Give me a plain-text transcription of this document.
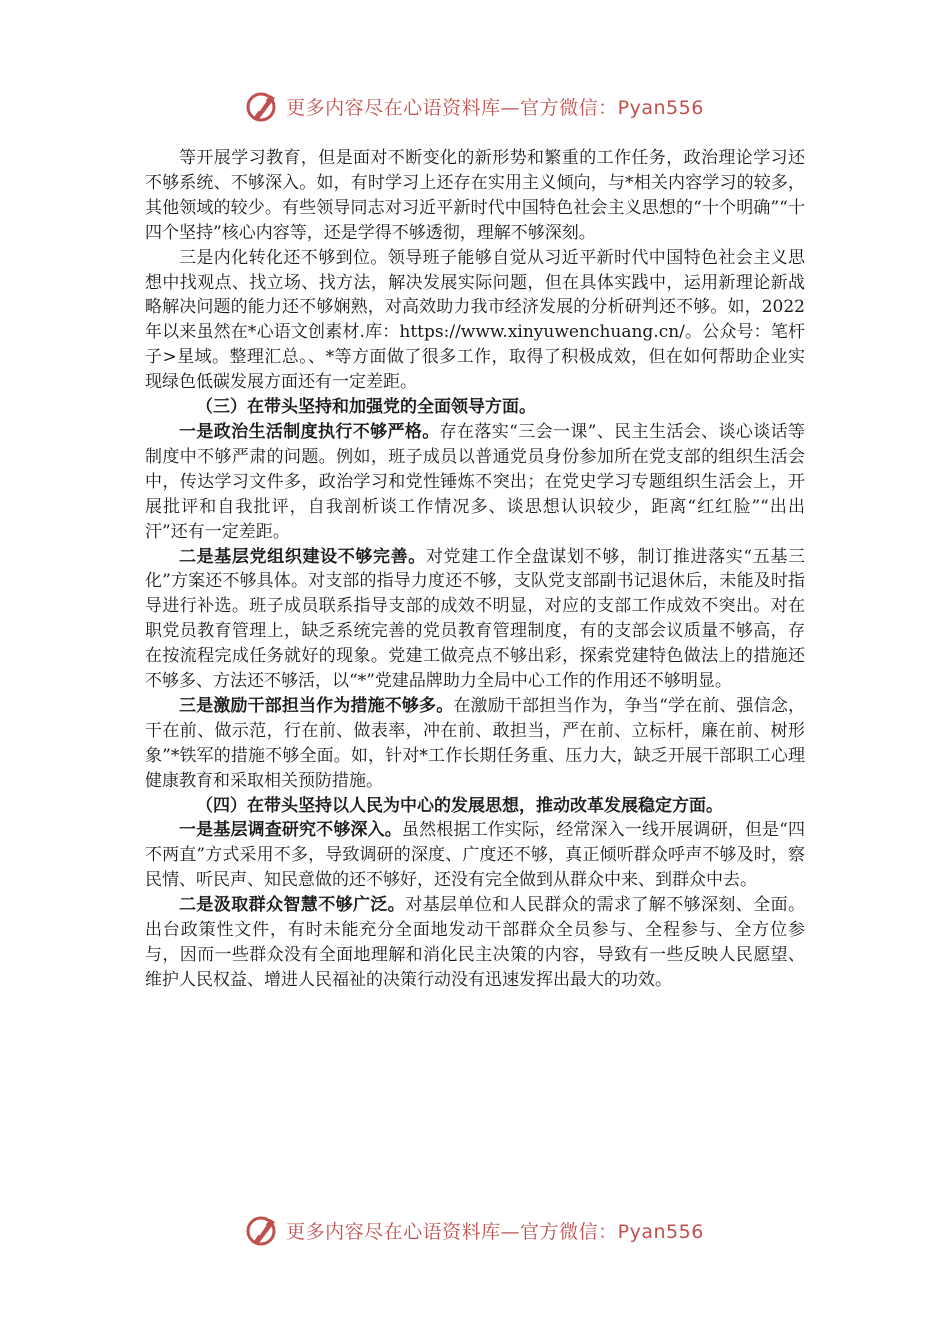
更多内容尽在心语资料库—官方微信：Pyan556

等开展学习教育，但是面对不断变化的新形势和繁重的工作任务，政治理论学习还不够系统、不够深入。如，有时学习上还存在实用主义倾向，与*相关内容学习的较多，其他领域的较少。有些领导同志对习近平新时代中国特色社会主义思想的“十个明确”“十四个坚持”核心内容等，还是学得不够透彻，理解不够深刻。

三是内化转化还不够到位。领导班子能够自觉从习近平新时代中国特色社会主义思想中找观点、找立场、找方法，解决发展实际问题，但在具体实践中，运用新理论新战略解决问题的能力还不够娴熟，对高效助力我市经济发展的分析研判还不够。如，2022年以来虽然在*心语文创素材.库：https://www.xinyuwenchuang.cn/。公众号：笔杆子>星域。整理汇总。、*等方面做了很多工作，取得了积极成效，但在如何帮助企业实现绿色低碳发展方面还有一定差距。

（三）在带头坚持和加强党的全面领导方面。

一是政治生活制度执行不够严格。存在落实“三会一课”、民主生活会、谈心谈话等制度中不够严肃的问题。例如，班子成员以普通党员身份参加所在党支部的组织生活会中，传达学习文件多，政治学习和党性锤炼不突出；在党史学习专题组织生活会上，开展批评和自我批评，自我剖析谈工作情况多、谈思想认识较少，距离“红红脸”“出出汗”还有一定差距。

二是基层党组织建设不够完善。对党建工作全盘谋划不够，制订推进落实“五基三化”方案还不够具体。对支部的指导力度还不够，支队党支部副书记退休后，未能及时指导进行补选。班子成员联系指导支部的成效不明显，对应的支部工作成效不突出。对在职党员教育管理上，缺乏系统完善的党员教育管理制度，有的支部会议质量不够高，存在按流程完成任务就好的现象。党建工做亮点不够出彩，探索党建特色做法上的措施还不够多、方法还不够活，以“*”党建品牌助力全局中心工作的作用还不够明显。

三是激励干部担当作为措施不够多。在激励干部担当作为，争当“学在前、强信念，干在前、做示范，行在前、做表率，冲在前、敢担当，严在前、立标杆，廉在前、树形象”*铁军的措施不够全面。如，针对*工作长期任务重、压力大，缺乏开展干部职工心理健康教育和采取相关预防措施。

（四）在带头坚持以人民为中心的发展思想，推动改革发展稳定方面。

一是基层调查研究不够深入。虽然根据工作实际，经常深入一线开展调研，但是“四不两直”方式采用不多，导致调研的深度、广度还不够，真正倾听群众呼声不够及时，察民情、听民声、知民意做的还不够好，还没有完全做到从群众中来、到群众中去。

二是汲取群众智慧不够广泛。对基层单位和人民群众的需求了解不够深刻、全面。出台政策性文件，有时未能充分全面地发动干部群众全员参与、全程参与、全方位参与，因而一些群众没有全面地理解和消化民主决策的内容，导致有一些反映人民愿望、维护人民权益、增进人民福祉的决策行动没有迅速发挥出最大的功效。

更多内容尽在心语资料库—官方微信：Pyan556
